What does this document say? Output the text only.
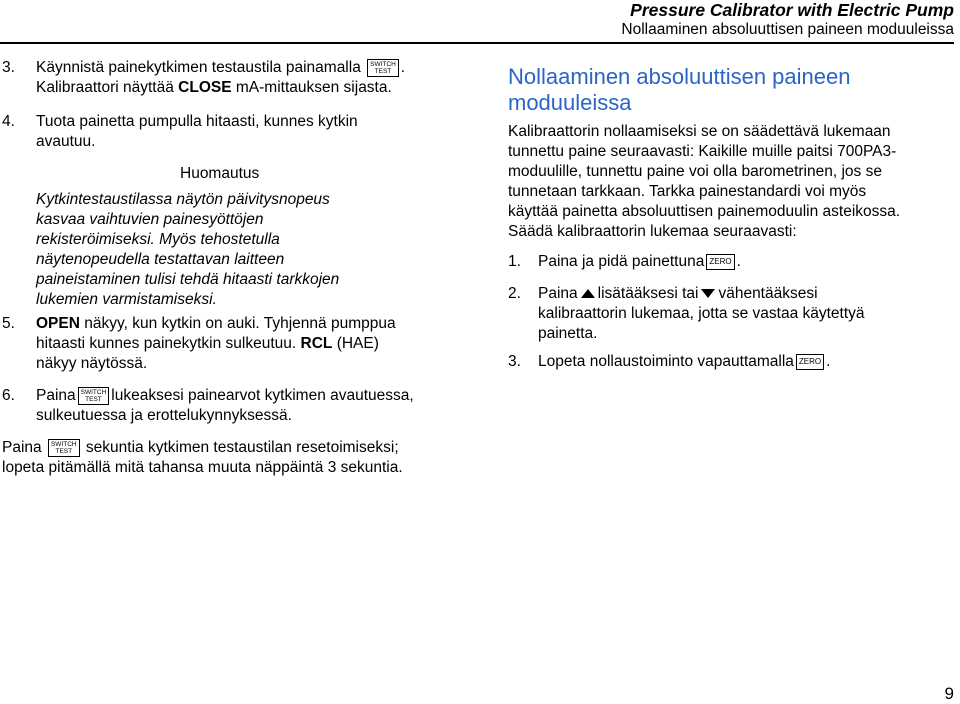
Pressure Calibrator with Electric Pump
Nollaaminen absoluuttisen paineen moduuleissa
3. Käynnistä painekytkimen testaustila painamalla SWITCH
TEST .
Kalibraattori näyttää CLOSE mA-mittauksen sijasta.
4. Tuota painetta pumpulla hitaasti, kunnes kytkin
avautuu.
Huomautus
Kytkintestaustilassa näytön päivitysnopeus
kasvaa vaihtuvien painesyöttöjen
rekisteröimiseksi. Myös tehostetulla
näytenopeudella testattavan laitteen
paineistaminen tulisi tehdä hitaasti tarkkojen
lukemien varmistamiseksi.
5. OPEN näkyy, kun kytkin on auki. Tyhjennä pumppua
hitaasti kunnes painekytkin sulkeutuu. RCL (HAE)
näkyy näytössä.
6. Paina SWITCH
TEST lukeaksesi painearvot kytkimen avautuessa,
sulkeutuessa ja erottelukynnyksessä.
Paina SWITCH
TEST sekuntia kytkimen testaustilan resetoimiseksi;
lopeta pitämällä mitä tahansa muuta näppäintä 3 sekuntia.
Nollaaminen absoluuttisen paineen
moduuleissa
Kalibraattorin nollaamiseksi se on säädettävä lukemaan
tunnettu paine seuraavasti: Kaikille muille paitsi 700PA3-
moduulille, tunnettu paine voi olla barometrinen, jos se
tunnetaan tarkkaan. Tarkka painestandardi voi myös
käyttää painetta absoluuttisen painemoduulin asteikossa.
Säädä kalibraattorin lukemaa seuraavasti:
1. Paina ja pidä painettuna ZERO .
2. Paina lisätääksesi tai vähentääksesi
kalibraattorin lukemaa, jotta se vastaa käytettyä
painetta.
3. Lopeta nollaustoiminto vapauttamalla ZERO .
9
